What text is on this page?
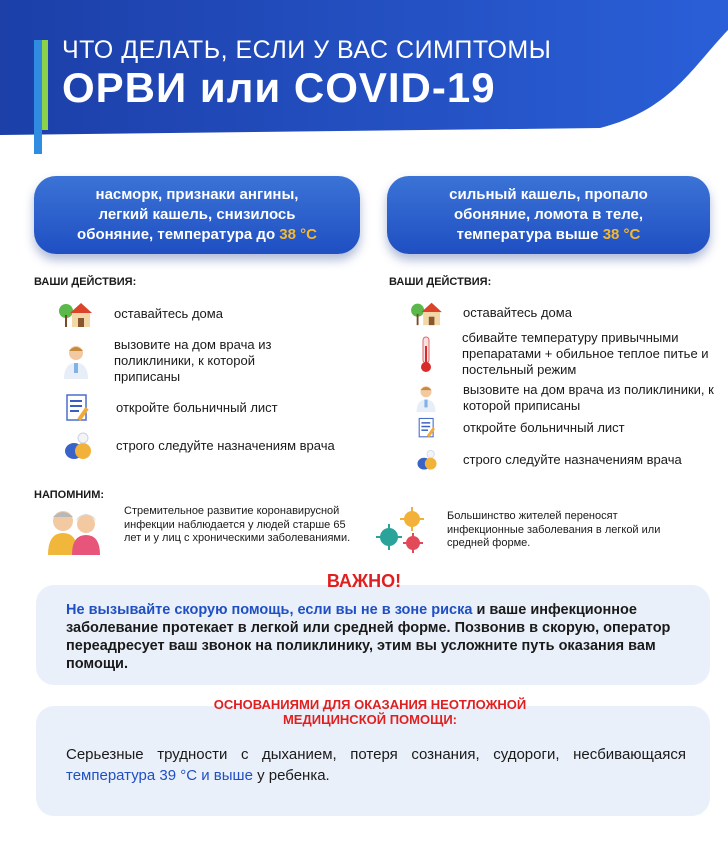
ЧТО ДЕЛАТЬ, ЕСЛИ У ВАС СИМПТОМЫ
ОРВИ или COVID-19
насморк, признаки ангины,
легкий кашель, снизилось
обоняние, температура до 38 °С
сильный кашель, пропало
обоняние, ломота в теле,
температура выше 38 °С
ВАШИ ДЕЙСТВИЯ:
оставайтесь дома
вызовите на дом врача из поликлиники, к которой приписаны
откройте больничный лист
строго следуйте назначениям врача
ВАШИ ДЕЙСТВИЯ:
оставайтесь дома
сбивайте температуру привычными препаратами + обильное теплое питье и постельный режим
вызовите на дом врача из поликлиники, к которой приписаны
откройте больничный лист
строго следуйте назначениям врача
НАПОМНИМ:
Стремительное развитие коронавирусной инфекции наблюдается у людей старше 65 лет и у лиц с хроническими заболеваниями.
Большинство жителей переносят инфекционные заболевания в легкой или средней форме.
ВАЖНО!
Не вызывайте скорую помощь, если вы не в зоне риска и ваше инфекционное заболевание протекает в легкой или средней форме. Позвонив в скорую, оператор переадресует ваш звонок на поликлинику, этим вы усложните путь оказания вам помощи.
ОСНОВАНИЯМИ ДЛЯ ОКАЗАНИЯ НЕОТЛОЖНОЙ
МЕДИЦИНСКОЙ ПОМОЩИ:
Серьезные трудности с дыханием, потеря сознания, судороги, несбивающаяся температура 39 °С и выше у ребенка.
